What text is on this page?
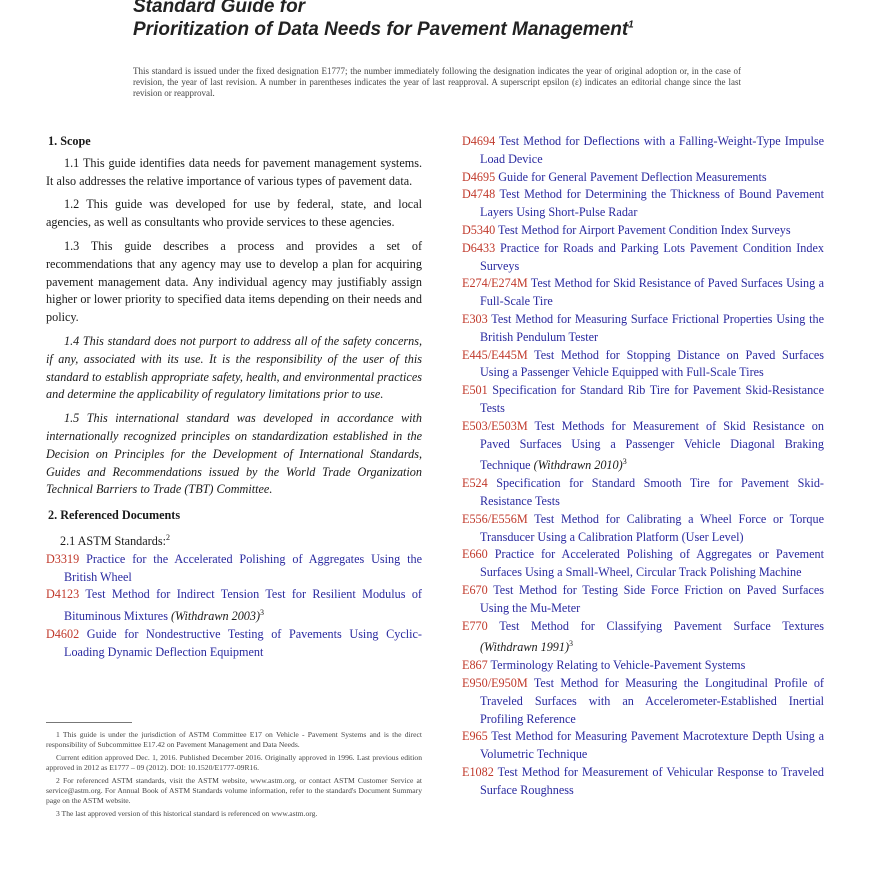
Standard Guide for
Prioritization of Data Needs for Pavement Management$^1$
This standard is issued under the fixed designation E1777; the number immediately following the designation indicates the year of original adoption or, in the case of revision, the year of last revision. A number in parentheses indicates the year of last reapproval. A superscript epsilon (ε) indicates an editorial change since the last revision or reapproval.
1. Scope

1.1 This guide identifies data needs for pavement management systems. It also addresses the relative importance of various types of pavement data.

1.2 This guide was developed for use by federal, state, and local agencies, as well as consultants who provide services to these agencies.

1.3 This guide describes a process and provides a set of recommendations that any agency may use to develop a plan for acquiring pavement management data. Any individual agency may justifiably assign higher or lower priority to specified data items depending on their needs and policy.

1.4 This standard does not purport to address all of the safety concerns, if any, associated with its use. It is the responsibility of the user of this standard to establish appropriate safety, health, and environmental practices and determine the applicability of regulatory limitations prior to use.

1.5 This international standard was developed in accordance with internationally recognized principles on standardization established in the Decision on Principles for the Development of International Standards, Guides and Recommendations issued by the World Trade Organization Technical Barriers to Trade (TBT) Committee.

2. Referenced Documents

2.1 ASTM Standards:$^2$

D3319 Practice for the Accelerated Polishing of Aggregates Using the British Wheel

D4123 Test Method for Indirect Tension Test for Resilient Modulus of Bituminous Mixtures (Withdrawn 2003)$^3$

D4602 Guide for Nondestructive Testing of Pavements Using Cyclic-Loading Dynamic Deflection Equipment

D4694 Test Method for Deflections with a Falling-Weight-Type Impulse Load Device

D4695 Guide for General Pavement Deflection Measurements

D4748 Test Method for Determining the Thickness of Bound Pavement Layers Using Short-Pulse Radar

D5340 Test Method for Airport Pavement Condition Index Surveys

D6433 Practice for Roads and Parking Lots Pavement Condition Index Surveys

E274/E274M Test Method for Skid Resistance of Paved Surfaces Using a Full-Scale Tire

E303 Test Method for Measuring Surface Frictional Properties Using the British Pendulum Tester

E445/E445M Test Method for Stopping Distance on Paved Surfaces Using a Passenger Vehicle Equipped with Full-Scale Tires

E501 Specification for Standard Rib Tire for Pavement Skid-Resistance Tests

E503/E503M Test Methods for Measurement of Skid Resistance on Paved Surfaces Using a Passenger Vehicle Diagonal Braking Technique (Withdrawn 2010)$^3$

E524 Specification for Standard Smooth Tire for Pavement Skid-Resistance Tests

E556/E556M Test Method for Calibrating a Wheel Force or Torque Transducer Using a Calibration Platform (User Level)

E660 Practice for Accelerated Polishing of Aggregates or Pavement Surfaces Using a Small-Wheel, Circular Track Polishing Machine

E670 Test Method for Testing Side Force Friction on Paved Surfaces Using the Mu-Meter

E770 Test Method for Classifying Pavement Surface Textures (Withdrawn 1991)$^3$

E867 Terminology Relating to Vehicle-Pavement Systems

E950/E950M Test Method for Measuring the Longitudinal Profile of Traveled Surfaces with an Accelerometer-Established Inertial Profiling Reference

E965 Test Method for Measuring Pavement Macrotexture Depth Using a Volumetric Technique

E1082 Test Method for Measurement of Vehicular Response to Traveled Surface Roughness

1 This guide is under the jurisdiction of ASTM Committee E17 on Vehicle - Pavement Systems and is the direct responsibility of Subcommittee E17.42 on Pavement Management and Data Needs.

Current edition approved Dec. 1, 2016. Published December 2016. Originally approved in 1996. Last previous edition approved in 2012 as E1777 – 09 (2012). DOI: 10.1520/E1777-09R16.

2 For referenced ASTM standards, visit the ASTM website, www.astm.org, or contact ASTM Customer Service at service@astm.org. For Annual Book of ASTM Standards volume information, refer to the standard's Document Summary page on the ASTM website.

3 The last approved version of this historical standard is referenced on www.astm.org.
